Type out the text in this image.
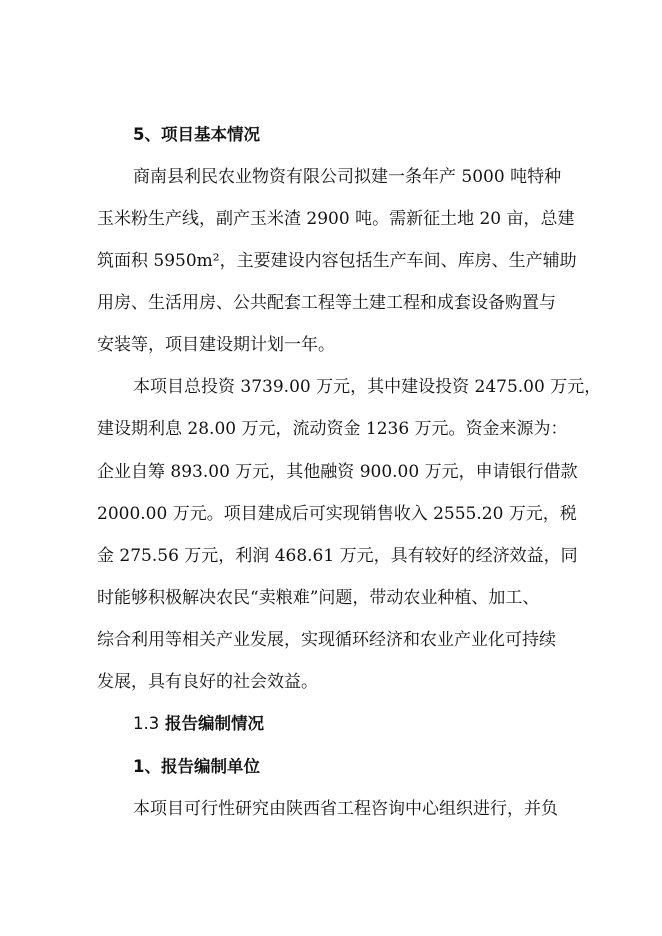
5、项目基本情况
商南县利民农业物资有限公司拟建一条年产 5000 吨特种
玉米粉生产线，副产玉米渣 2900 吨。需新征土地 20 亩，总建
筑面积 5950m²，主要建设内容包括生产车间、库房、生产辅助
用房、生活用房、公共配套工程等土建工程和成套设备购置与
安装等，项目建设期计划一年。
本项目总投资 3739.00 万元，其中建设投资 2475.00 万元，
建设期利息 28.00 万元，流动资金 1236 万元。资金来源为：
企业自筹 893.00 万元，其他融资 900.00 万元，申请银行借款
2000.00 万元。项目建成后可实现销售收入 2555.20 万元，税
金 275.56 万元，利润 468.61 万元，具有较好的经济效益，同
时能够积极解决农民“卖粮难”问题，带动农业种植、加工、
综合利用等相关产业发展，实现循环经济和农业产业化可持续
发展，具有良好的社会效益。
1.3 报告编制情况
1、报告编制单位
本项目可行性研究由陕西省工程咨询中心组织进行，并负
